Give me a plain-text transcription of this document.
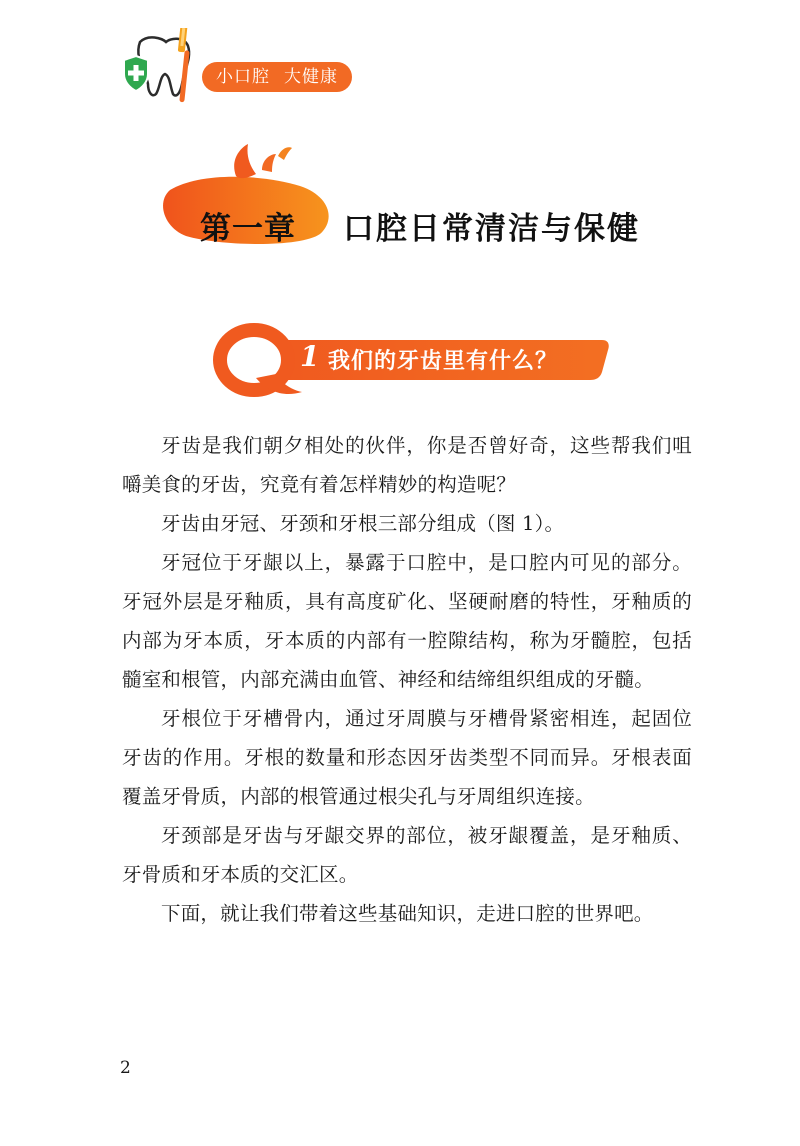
小口腔 大健康
第一章 口腔日常清洁与保健
1 我们的牙齿里有什么？

牙齿是我们朝夕相处的伙伴，你是否曾好奇，这些帮我们咀嚼美食的牙齿，究竟有着怎样精妙的构造呢？

牙齿由牙冠、牙颈和牙根三部分组成（图 1）。

牙冠位于牙龈以上，暴露于口腔中，是口腔内可见的部分。牙冠外层是牙釉质，具有高度矿化、坚硬耐磨的特性，牙釉质的内部为牙本质，牙本质的内部有一腔隙结构，称为牙髓腔，包括髓室和根管，内部充满由血管、神经和结缔组织组成的牙髓。

牙根位于牙槽骨内，通过牙周膜与牙槽骨紧密相连，起固位牙齿的作用。牙根的数量和形态因牙齿类型不同而异。牙根表面覆盖牙骨质，内部的根管通过根尖孔与牙周组织连接。

牙颈部是牙齿与牙龈交界的部位，被牙龈覆盖，是牙釉质、牙骨质和牙本质的交汇区。

下面，就让我们带着这些基础知识，走进口腔的世界吧。

2
